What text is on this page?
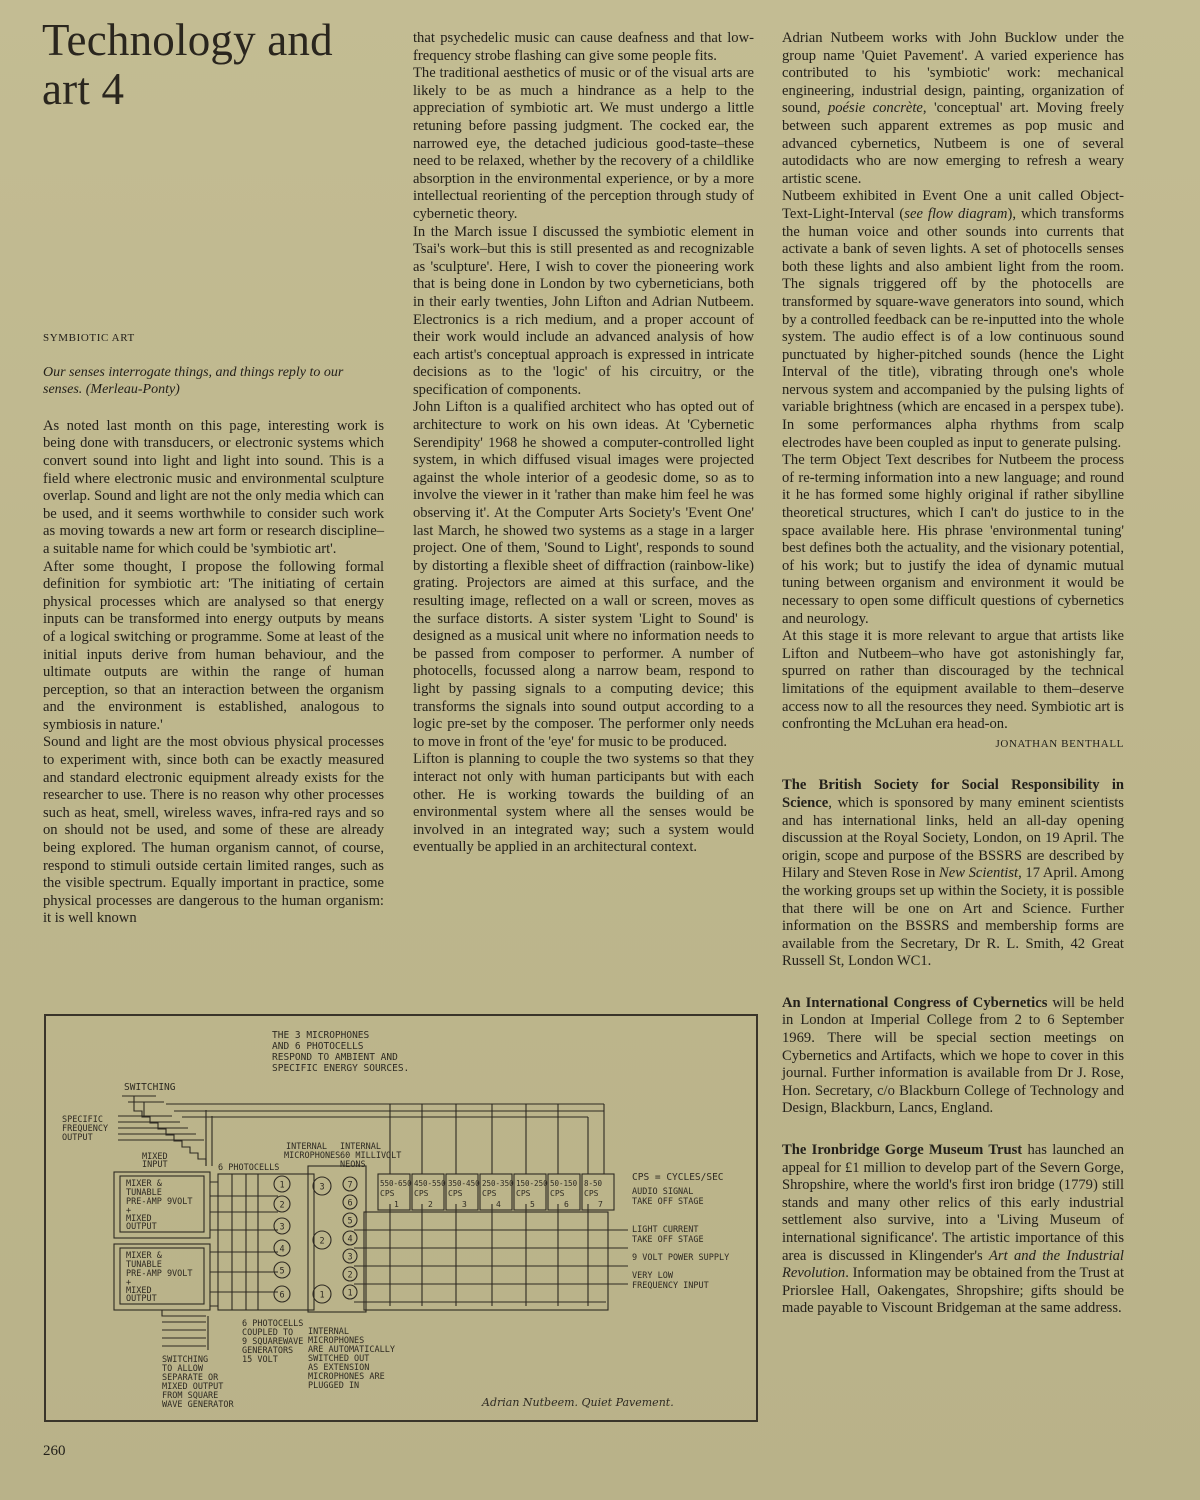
Technology and art 4

SYMBIOTIC ART

Our senses interrogate things, and things reply to our senses. (Merleau-Ponty)

As noted last month on this page, interesting work is being done with transducers, or electronic systems which convert sound into light and light into sound. This is a field where electronic music and environmental sculpture overlap. Sound and light are not the only media which can be used, and it seems worthwhile to consider such work as moving towards a new art form or research discipline–a suitable name for which could be 'symbiotic art'.

After some thought, I propose the following formal definition for symbiotic art: 'The initiating of certain physical processes which are analysed so that energy inputs can be transformed into energy outputs by means of a logical switching or programme. Some at least of the initial inputs derive from human behaviour, and the ultimate outputs are within the range of human perception, so that an interaction between the organism and the environment is established, analogous to symbiosis in nature.'

Sound and light are the most obvious physical processes to experiment with, since both can be exactly measured and standard electronic equipment already exists for the researcher to use. There is no reason why other processes such as heat, smell, wireless waves, infra-red rays and so on should not be used, and some of these are already being explored. The human organism cannot, of course, respond to stimuli outside certain limited ranges, such as the visible spectrum. Equally important in practice, some physical processes are dangerous to the human organism: it is well known

that psychedelic music can cause deafness and that low-frequency strobe flashing can give some people fits.

The traditional aesthetics of music or of the visual arts are likely to be as much a hindrance as a help to the appreciation of symbiotic art. We must undergo a little retuning before passing judgment. The cocked ear, the narrowed eye, the detached judicious good-taste–these need to be relaxed, whether by the recovery of a childlike absorption in the environmental experience, or by a more intellectual reorienting of the perception through study of cybernetic theory.

In the March issue I discussed the symbiotic element in Tsai's work–but this is still presented as and recognizable as 'sculpture'. Here, I wish to cover the pioneering work that is being done in London by two cyberneticians, both in their early twenties, John Lifton and Adrian Nutbeem. Electronics is a rich medium, and a proper account of their work would include an advanced analysis of how each artist's conceptual approach is expressed in intricate decisions as to the 'logic' of his circuitry, or the specification of components.

John Lifton is a qualified architect who has opted out of architecture to work on his own ideas. At 'Cybernetic Serendipity' 1968 he showed a computer-controlled light system, in which diffused visual images were projected against the whole interior of a geodesic dome, so as to involve the viewer in it 'rather than make him feel he was observing it'. At the Computer Arts Society's 'Event One' last March, he showed two systems as a stage in a larger project. One of them, 'Sound to Light', responds to sound by distorting a flexible sheet of diffraction (rainbow-like) grating. Projectors are aimed at this surface, and the resulting image, reflected on a wall or screen, moves as the surface distorts. A sister system 'Light to Sound' is designed as a musical unit where no information needs to be passed from composer to performer. A number of photocells, focussed along a narrow beam, respond to light by passing signals to a computing device; this transforms the signals into sound output according to a logic pre-set by the composer. The performer only needs to move in front of the 'eye' for music to be produced.

Lifton is planning to couple the two systems so that they interact not only with human participants but with each other. He is working towards the building of an environmental system where all the senses would be involved in an integrated way; such a system would eventually be applied in an architectural context.

Adrian Nutbeem works with John Bucklow under the group name 'Quiet Pavement'. A varied experience has contributed to his 'symbiotic' work: mechanical engineering, industrial design, painting, organization of sound, poésie concrète, 'conceptual' art. Moving freely between such apparent extremes as pop music and advanced cybernetics, Nutbeem is one of several autodidacts who are now emerging to refresh a weary artistic scene.

Nutbeem exhibited in Event One a unit called Object-Text-Light-Interval (see flow diagram), which transforms the human voice and other sounds into currents that activate a bank of seven lights. A set of photocells senses both these lights and also ambient light from the room. The signals triggered off by the photocells are transformed by square-wave generators into sound, which by a controlled feedback can be re-inputted into the whole system. The audio effect is of a low continuous sound punctuated by higher-pitched sounds (hence the Light Interval of the title), vibrating through one's whole nervous system and accompanied by the pulsing lights of variable brightness (which are encased in a perspex tube). In some performances alpha rhythms from scalp electrodes have been coupled as input to generate pulsing.

The term Object Text describes for Nutbeem the process of re-terming information into a new language; and round it he has formed some highly original if rather sibylline theoretical structures, which I can't do justice to in the space available here. His phrase 'environmental tuning' best defines both the actuality, and the visionary potential, of his work; but to justify the idea of dynamic mutual tuning between organism and environment it would be necessary to open some difficult questions of cybernetics and neurology.

At this stage it is more relevant to argue that artists like Lifton and Nutbeem–who have got astonishingly far, spurred on rather than discouraged by the technical limitations of the equipment available to them–deserve access now to all the resources they need. Symbiotic art is confronting the McLuhan era head-on.

JONATHAN BENTHALL

The British Society for Social Responsibility in Science, which is sponsored by many eminent scientists and has international links, held an all-day opening discussion at the Royal Society, London, on 19 April. The origin, scope and purpose of the BSSRS are described by Hilary and Steven Rose in New Scientist, 17 April. Among the working groups set up within the Society, it is possible that there will be one on Art and Science. Further information on the BSSRS and membership forms are available from the Secretary, Dr R. L. Smith, 42 Great Russell St, London WC1.

An International Congress of Cybernetics will be held in London at Imperial College from 2 to 6 September 1969. There will be special section meetings on Cybernetics and Artifacts, which we hope to cover in this journal. Further information is available from Dr J. Rose, Hon. Secretary, c/o Blackburn College of Technology and Design, Blackburn, Lancs, England.

The Ironbridge Gorge Museum Trust has launched an appeal for £1 million to develop part of the Severn Gorge, Shropshire, where the world's first iron bridge (1779) still stands and many other relics of this early industrial settlement also survive, into a 'Living Museum of international significance'. The artistic importance of this area is discussed in Klingender's Art and the Industrial Revolution. Information may be obtained from the Trust at Priorslee Hall, Oakengates, Shropshire; gifts should be made payable to Viscount Bridgeman at the same address.

THE 3 MICROPHONES
AND 6 PHOTOCELLS
RESPOND TO AMBIENT AND
SPECIFIC ENERGY SOURCES.
SWITCHING
SPECIFIC
FREQUENCY
OUTPUT
MIXED
INPUT	6 PHOTOCELLS
INTERNAL
MICROPHONES
INTERNAL
60 MILLIVOLT
NEONS
MIXER &
TUNABLE
PRE-AMP 9VOLT
+
MIXED
OUTPUT
MIXER &
TUNABLE
PRE-AMP 9VOLT
+
MIXED
OUTPUT
1
2
3
4
5
6
3
2
1
7
6
5
4
3
2
1
550-650
CPS
1
450-550
CPS
2
350-450
CPS
3
250-350
CPS
4
150-250
CPS
5
50-150
CPS
6
8-50
CPS
7
CPS = CYCLES/SEC
AUDIO SIGNAL
TAKE OFF STAGE
LIGHT CURRENT
TAKE OFF STAGE
9 VOLT POWER SUPPLY
VERY LOW
FREQUENCY INPUT
6 PHOTOCELLS
COUPLED TO
9 SQUAREWAVE
GENERATORS
15 VOLT
INTERNAL
MICROPHONES
ARE AUTOMATICALLY
SWITCHED OUT
AS EXTENSION
MICROPHONES ARE
PLUGGED IN
SWITCHING
TO ALLOW
SEPARATE OR
MIXED OUTPUT
FROM SQUARE
WAVE GENERATOR	Adrian Nutbeem. Quiet Pavement.
260
